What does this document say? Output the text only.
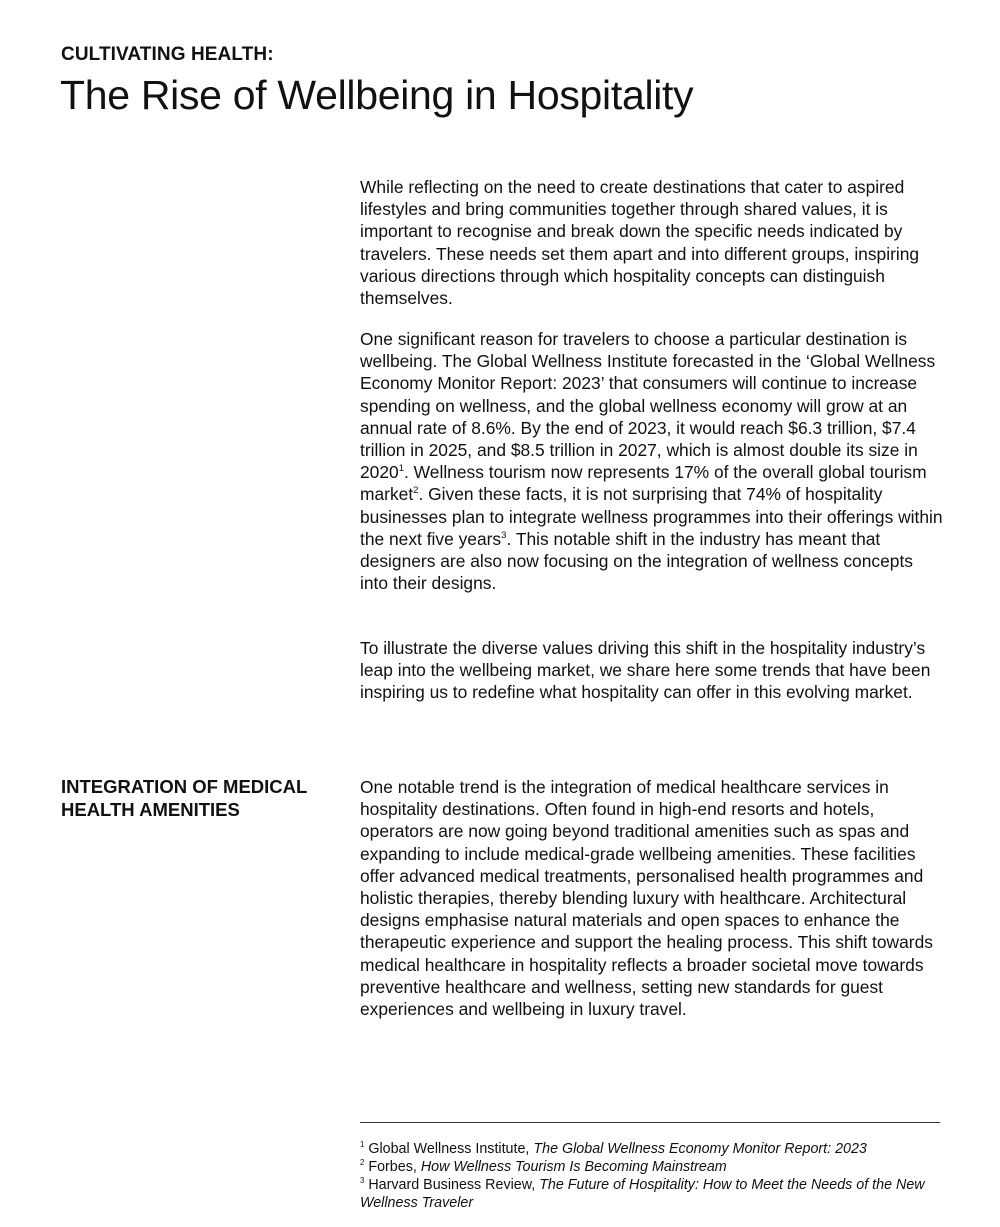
CULTIVATING HEALTH:
The Rise of Wellbeing in Hospitality

While reflecting on the need to create destinations that cater to aspired lifestyles and bring communities together through shared values, it is important to recognise and break down the specific needs indicated by travelers. These needs set them apart and into different groups, inspiring various directions through which hospitality concepts can distinguish themselves.

One significant reason for travelers to choose a particular destination is wellbeing. The Global Wellness Institute forecasted in the ‘Global Wellness Economy Monitor Report: 2023’ that consumers will continue to increase spending on wellness, and the global wellness economy will grow at an annual rate of 8.6%. By the end of 2023, it would reach $6.3 trillion, $7.4 trillion in 2025, and $8.5 trillion in 2027, which is almost double its size in 2020$^1$. Wellness tourism now represents 17% of the overall global tourism market$^2$. Given these facts, it is not surprising that 74% of hospitality businesses plan to integrate wellness programmes into their offerings within the next five years$^3$. This notable shift in the industry has meant that designers are also now focusing on the integration of wellness concepts into their designs.

To illustrate the diverse values driving this shift in the hospitality industry’s leap into the wellbeing market, we share here some trends that have been inspiring us to redefine what hospitality can offer in this evolving market.

INTEGRATION OF MEDICAL HEALTH AMENITIES

One notable trend is the integration of medical healthcare services in hospitality destinations. Often found in high-end resorts and hotels, operators are now going beyond traditional amenities such as spas and expanding to include medical-grade wellbeing amenities. These facilities offer advanced medical treatments, personalised health programmes and holistic therapies, thereby blending luxury with healthcare. Architectural designs emphasise natural materials and open spaces to enhance the therapeutic experience and support the healing process. This shift towards medical healthcare in hospitality reflects a broader societal move towards preventive healthcare and wellness, setting new standards for guest experiences and wellbeing in luxury travel.

$^1$ Global Wellness Institute, The Global Wellness Economy Monitor Report: 2023
$^2$ Forbes, How Wellness Tourism Is Becoming Mainstream
$^3$ Harvard Business Review, The Future of Hospitality: How to Meet the Needs of the New Wellness Traveler
